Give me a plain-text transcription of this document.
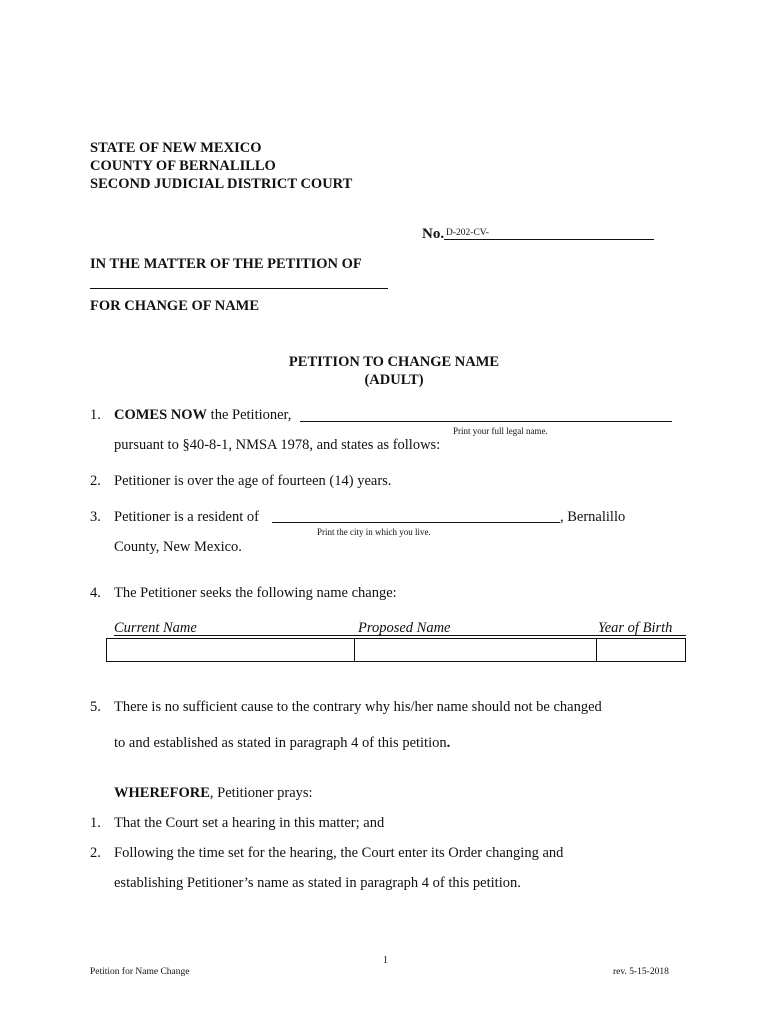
STATE OF NEW MEXICO
COUNTY OF BERNALILLO
SECOND JUDICIAL DISTRICT COURT
No. D-202-CV-
IN THE MATTER OF THE PETITION OF
FOR CHANGE OF NAME
PETITION TO CHANGE NAME
(ADULT)
1. COMES NOW the Petitioner,
Print your full legal name.
pursuant to §40-8-1, NMSA 1978, and states as follows:
2. Petitioner is over the age of fourteen (14) years.
3. Petitioner is a resident of	, Bernalillo
Print the city in which you live.
County, New Mexico.
4. The Petitioner seeks the following name change:
Current Name	Proposed Name	Year of Birth
5. There is no sufficient cause to the contrary why his/her name should not be changed
to and established as stated in paragraph 4 of this petition.
WHEREFORE, Petitioner prays:
1. That the Court set a hearing in this matter; and
2. Following the time set for the hearing, the Court enter its Order changing and
establishing Petitioner’s name as stated in paragraph 4 of this petition.
1
Petition for Name Change	rev. 5-15-2018
